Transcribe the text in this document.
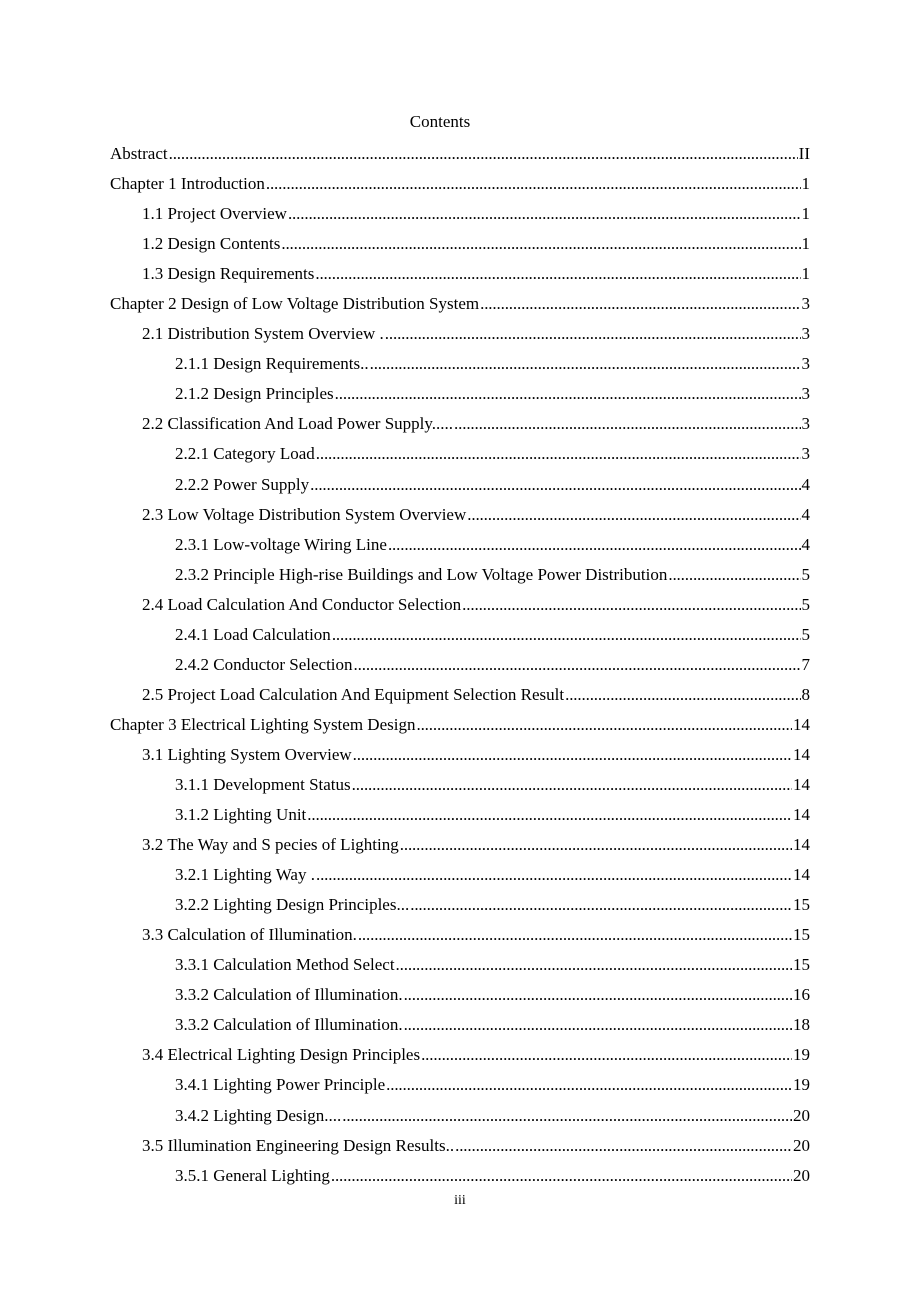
Contents
Abstract . . .	II
Chapter 1 Introduction . . .	1
1.1 Project Overview . . .	1
1.2 Design Contents . . .	1
1.3 Design Requirements . . .	1
Chapter 2 Design of Low Voltage Distribution System . . .	3
2.1 Distribution System Overview . . . .	3
2.1.1 Design Requirements.. . . .	3
2.1.2 Design Principles . . .	3
2.2 Classification And Load Power Supply..... . . .	3
2.2.1 Category Load . . .	3
2.2.2 Power Supply . . .	4
2.3 Low Voltage Distribution System Overview . . .	4
2.3.1 Low-voltage Wiring Line . . .	4
2.3.2 Principle High-rise Buildings and Low Voltage Power Distribution . . .	5
2.4 Load Calculation And Conductor Selection . . .	5
2.4.1 Load Calculation . . .	5
2.4.2 Conductor Selection . . .	7
2.5 Project Load Calculation And Equipment Selection Result . . .	8
Chapter 3 Electrical Lighting System Design . . .	14
3.1 Lighting System Overview . . .	14
3.1.1 Development Status . . .	14
3.1.2 Lighting Unit . . .	14
3.2 The Way and S pecies of Lighting . . .	14
3.2.1 Lighting Way . . . .	14
3.2.2 Lighting Design Principles... . . .	15
3.3 Calculation of Illumination. . . .	15
3.3.1 Calculation Method Select . . .	15
3.3.2 Calculation of Illumination. . . .	16
3.3.2 Calculation of Illumination. . . .	18
3.4 Electrical Lighting Design Principles . . .	19
3.4.1 Lighting Power Principle . . .	19
3.4.2 Lighting Design.... . . .	20
3.5 Illumination Engineering Design Results.. . . .	20
3.5.1 General Lighting . . .	20
iii
